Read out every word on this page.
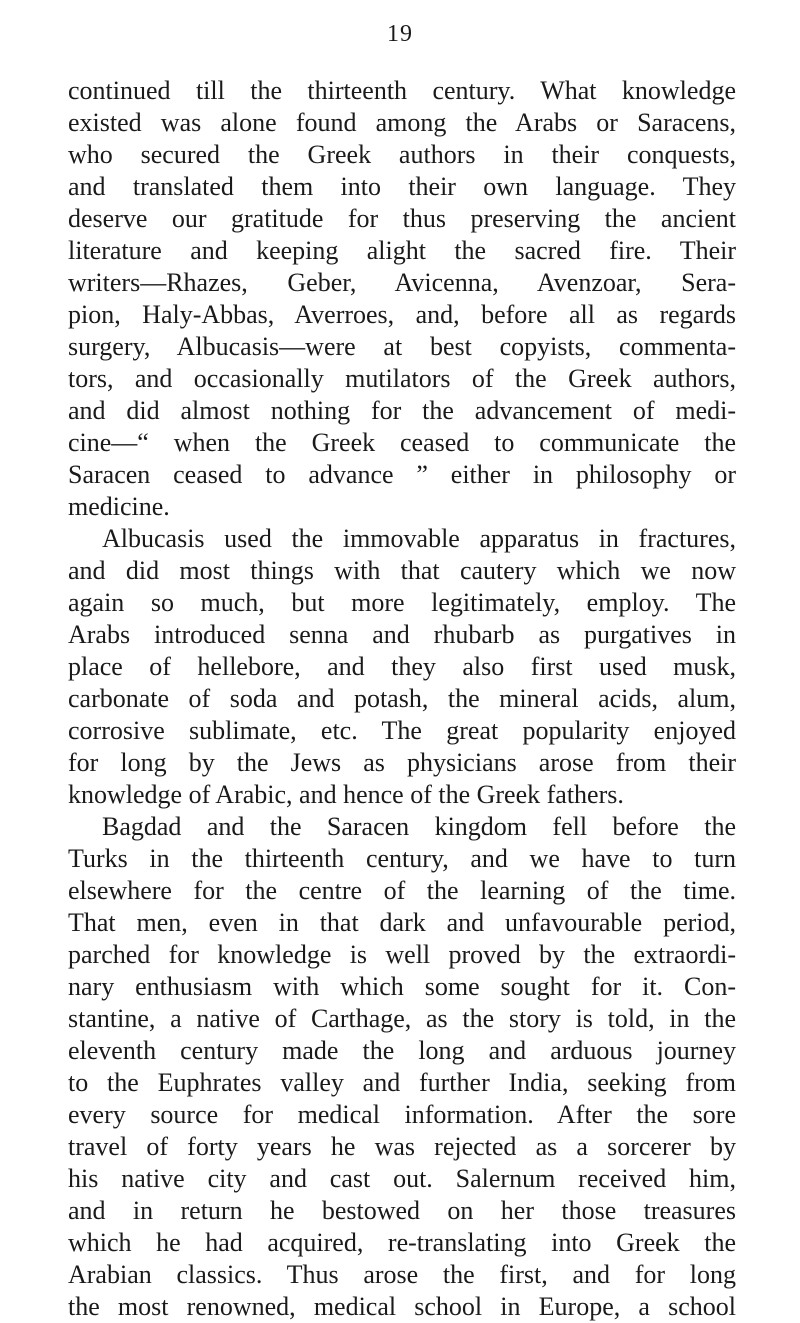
19
continued till the thirteenth century. What knowledge
existed was alone found among the Arabs or Saracens,
who secured the Greek authors in their conquests,
and translated them into their own language. They
deserve our gratitude for thus preserving the ancient
literature and keeping alight the sacred fire. Their
writers—Rhazes, Geber, Avicenna, Avenzoar, Sera-
pion, Haly-Abbas, Averroes, and, before all as regards
surgery, Albucasis—were at best copyists, commenta-
tors, and occasionally mutilators of the Greek authors,
and did almost nothing for the advancement of medi-
cine—“ when the Greek ceased to communicate the
Saracen ceased to advance ” either in philosophy or
medicine.
Albucasis used the immovable apparatus in fractures,
and did most things with that cautery which we now
again so much, but more legitimately, employ. The
Arabs introduced senna and rhubarb as purgatives in
place of hellebore, and they also first used musk,
carbonate of soda and potash, the mineral acids, alum,
corrosive sublimate, etc. The great popularity enjoyed
for long by the Jews as physicians arose from their
knowledge of Arabic, and hence of the Greek fathers.
Bagdad and the Saracen kingdom fell before the
Turks in the thirteenth century, and we have to turn
elsewhere for the centre of the learning of the time.
That men, even in that dark and unfavourable period,
parched for knowledge is well proved by the extraordi-
nary enthusiasm with which some sought for it. Con-
stantine, a native of Carthage, as the story is told, in the
eleventh century made the long and arduous journey
to the Euphrates valley and further India, seeking from
every source for medical information. After the sore
travel of forty years he was rejected as a sorcerer by
his native city and cast out. Salernum received him,
and in return he bestowed on her those treasures
which he had acquired, re-translating into Greek the
Arabian classics. Thus arose the first, and for long
the most renowned, medical school in Europe, a school
